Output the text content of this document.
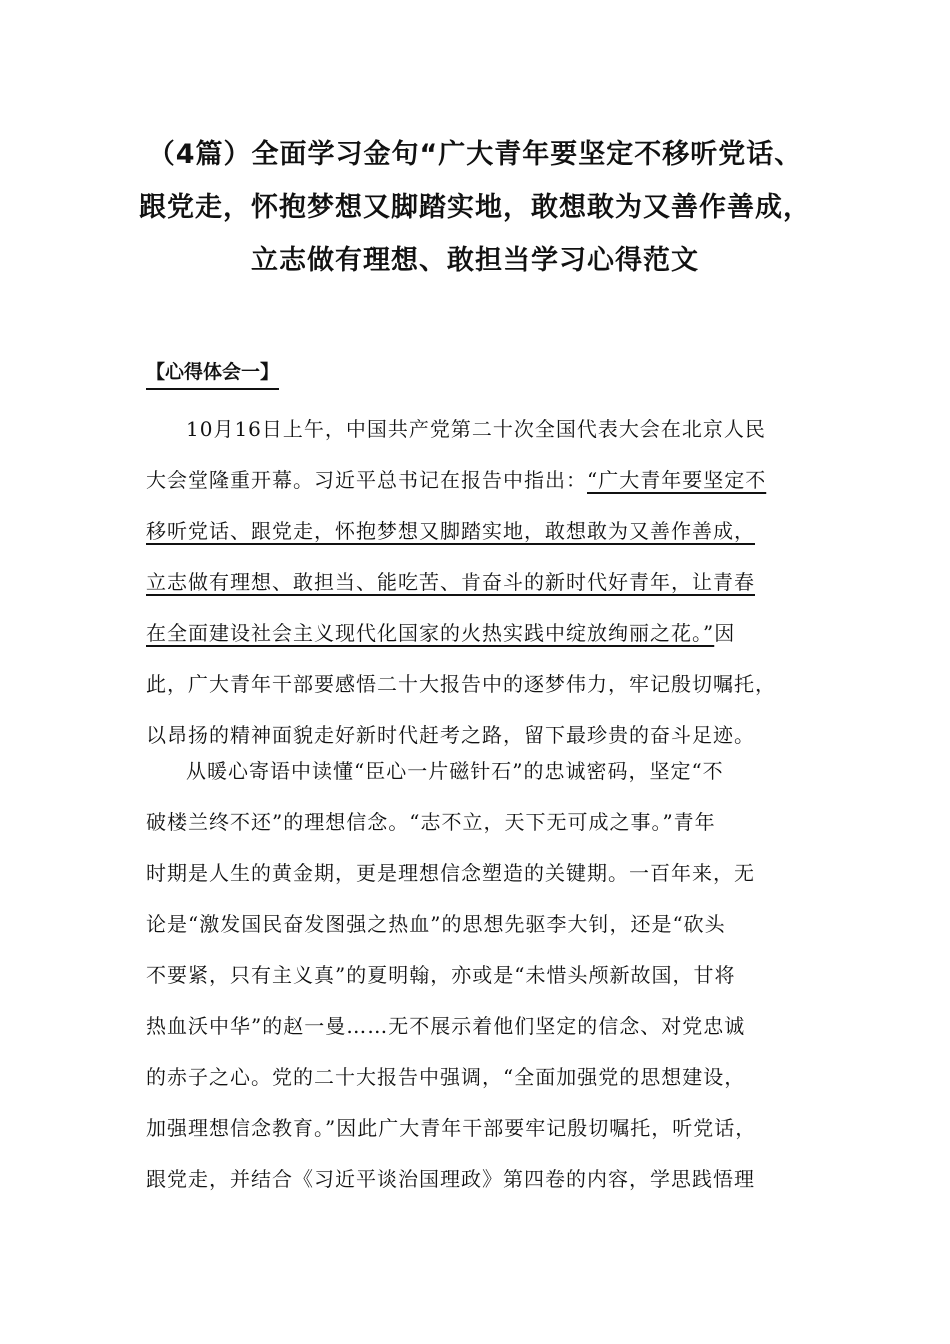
（4篇）全面学习金句“广大青年要坚定不移听党话、
跟党走，怀抱梦想又脚踏实地，敢想敢为又善作善成，
立志做有理想、敢担当学习心得范文
【心得体会一】
10月16日上午，中国共产党第二十次全国代表大会在北京人民
大会堂隆重开幕。习近平总书记在报告中指出：“广大青年要坚定不
移听党话、跟党走，怀抱梦想又脚踏实地，敢想敢为又善作善成，
立志做有理想、敢担当、能吃苦、肯奋斗的新时代好青年，让青春
在全面建设社会主义现代化国家的火热实践中绽放绚丽之花。”因
此，广大青年干部要感悟二十大报告中的逐梦伟力，牢记殷切嘱托，
以昂扬的精神面貌走好新时代赶考之路，留下最珍贵的奋斗足迹。
从暖心寄语中读懂“臣心一片磁针石”的忠诚密码，坚定“不
破楼兰终不还”的理想信念。“志不立，天下无可成之事。”青年
时期是人生的黄金期，更是理想信念塑造的关键期。一百年来，无
论是“激发国民奋发图强之热血”的思想先驱李大钊，还是“砍头
不要紧，只有主义真”的夏明翰，亦或是“未惜头颅新故国，甘将
热血沃中华”的赵一曼……无不展示着他们坚定的信念、对党忠诚
的赤子之心。党的二十大报告中强调，“全面加强党的思想建设，
加强理想信念教育。”因此广大青年干部要牢记殷切嘱托，听党话，
跟党走，并结合《习近平谈治国理政》第四卷的内容，学思践悟理
